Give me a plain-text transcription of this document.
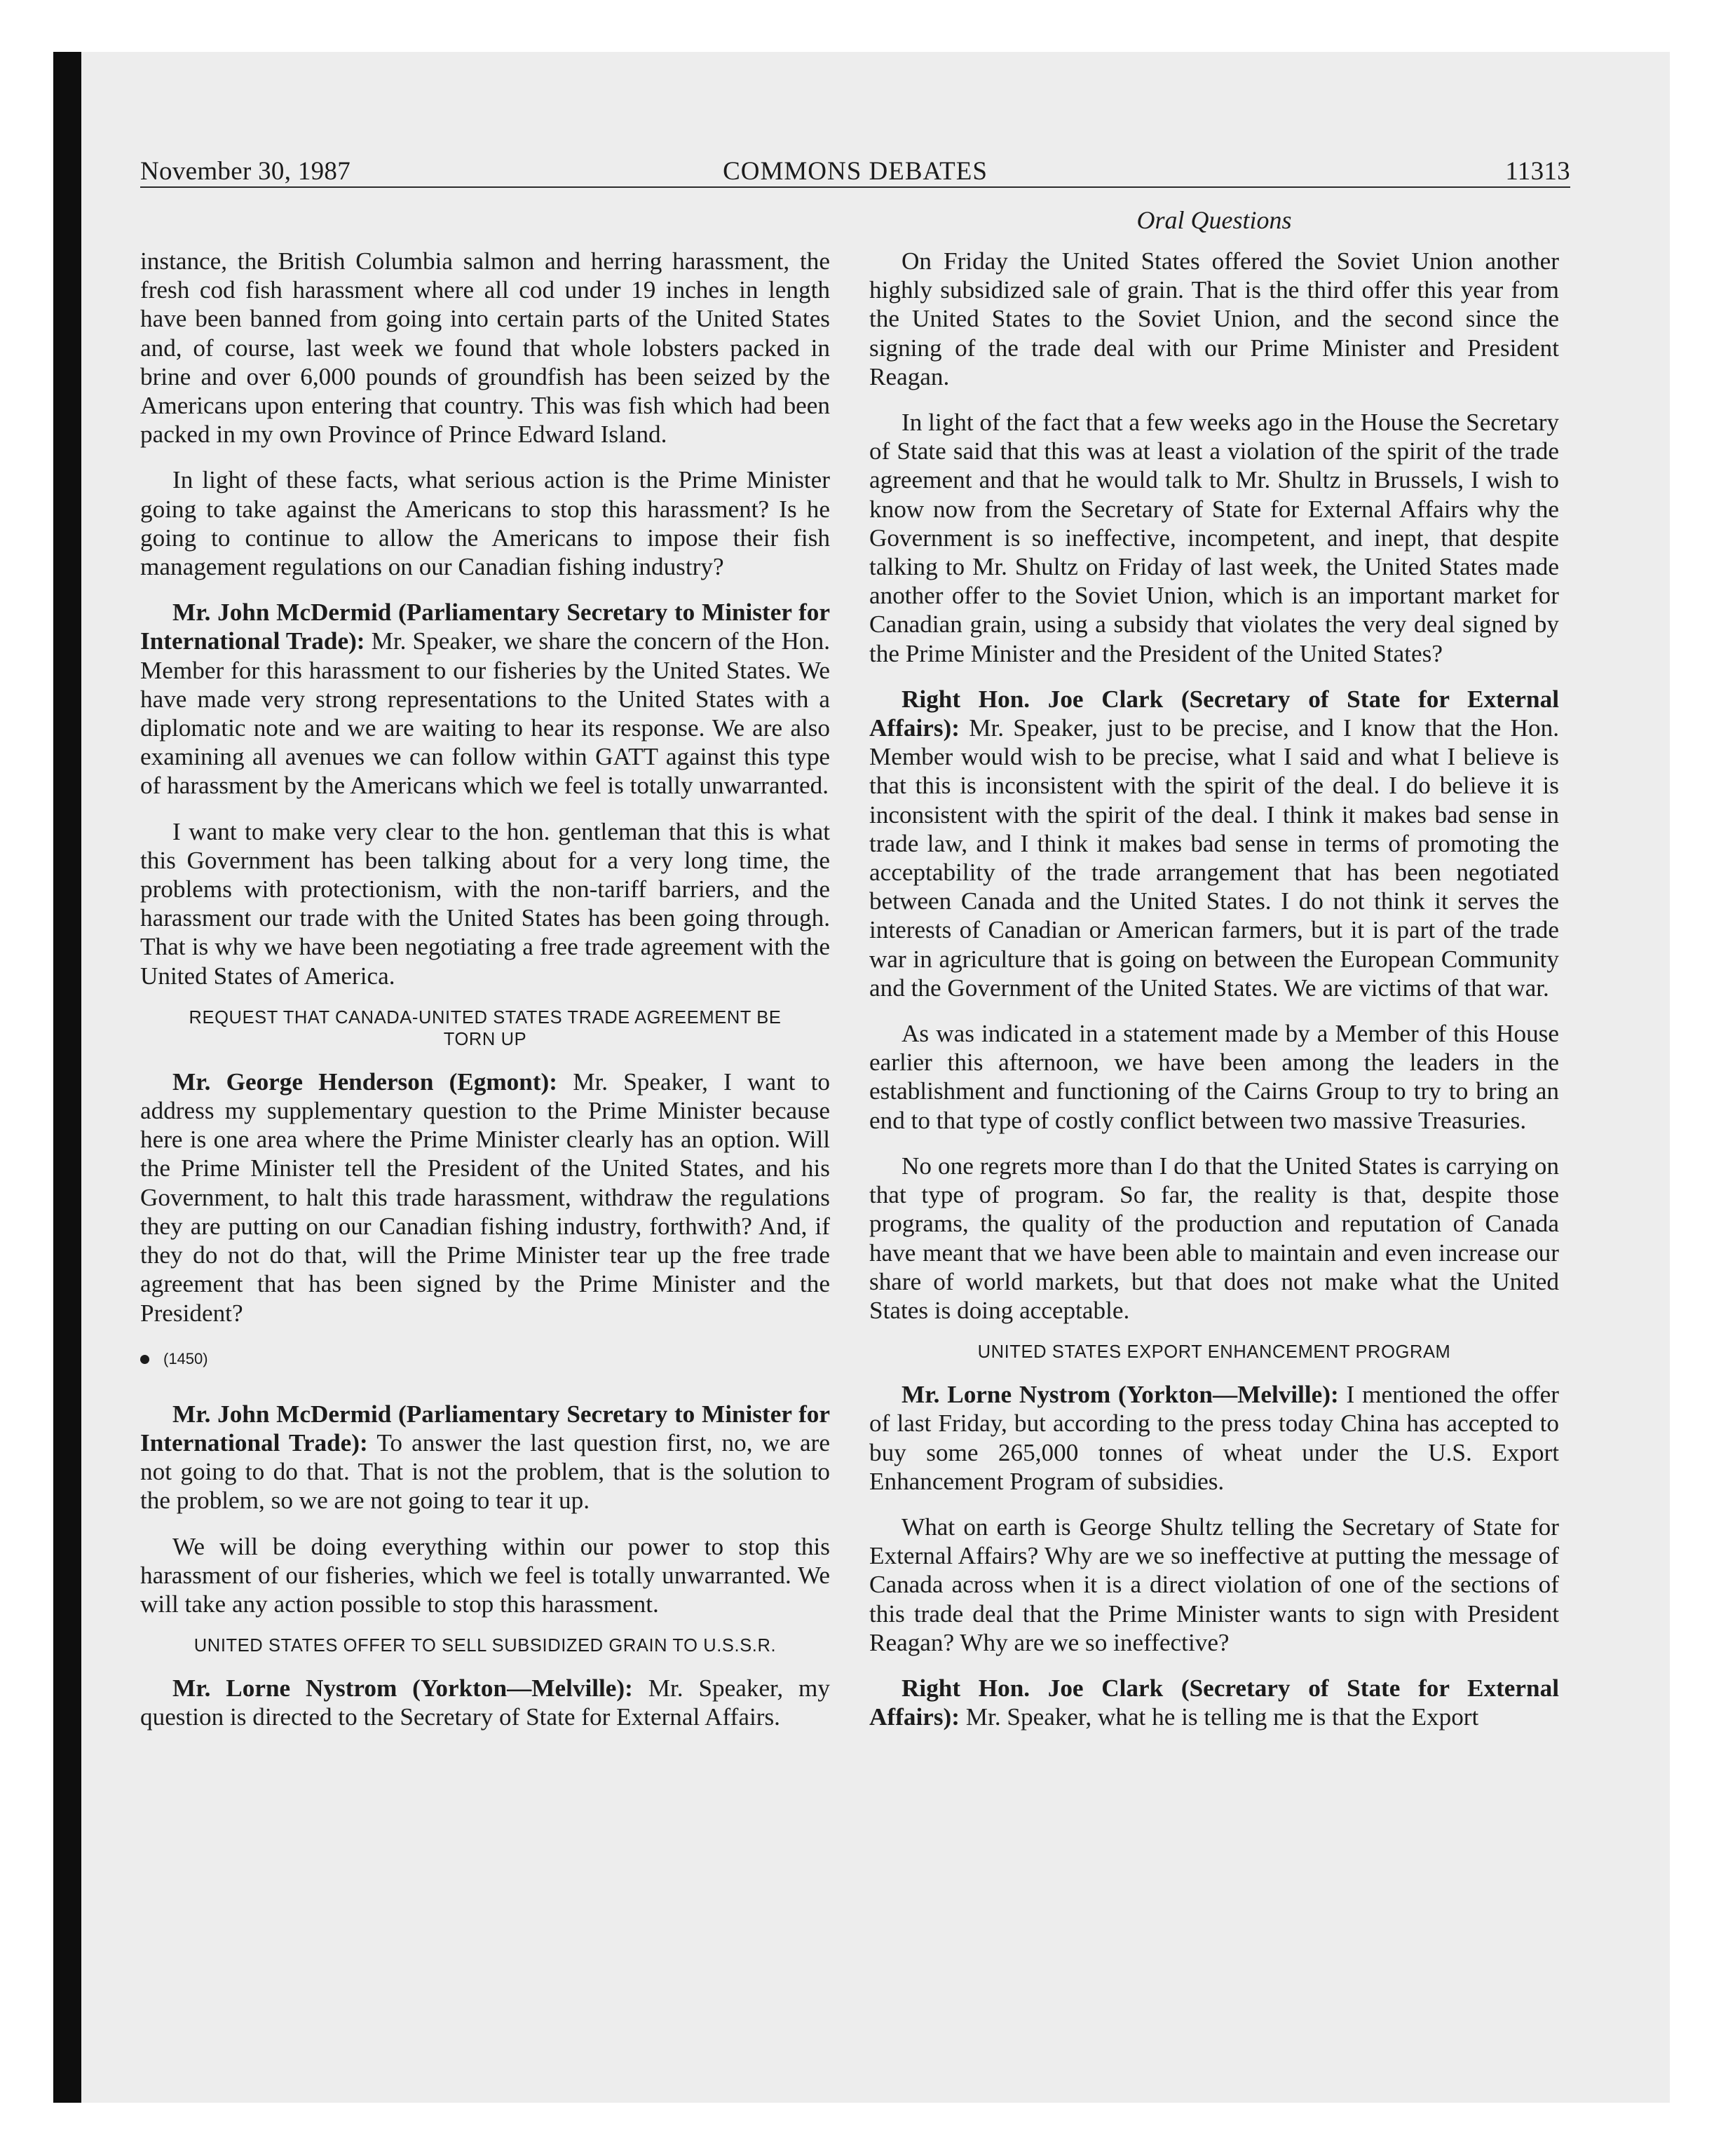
November 30, 1987	COMMONS DEBATES	11313
Oral Questions

instance, the British Columbia salmon and herring harassment, the fresh cod fish harassment where all cod under 19 inches in length have been banned from going into certain parts of the United States and, of course, last week we found that whole lobsters packed in brine and over 6,000 pounds of groundfish has been seized by the Americans upon entering that country. This was fish which had been packed in my own Province of Prince Edward Island.

In light of these facts, what serious action is the Prime Minister going to take against the Americans to stop this harassment? Is he going to continue to allow the Americans to impose their fish management regulations on our Canadian fishing industry?

Mr. John McDermid (Parliamentary Secretary to Minister for International Trade): Mr. Speaker, we share the concern of the Hon. Member for this harassment to our fisheries by the United States. We have made very strong representations to the United States with a diplomatic note and we are waiting to hear its response. We are also examining all avenues we can follow within GATT against this type of harassment by the Americans which we feel is totally unwarranted.

I want to make very clear to the hon. gentleman that this is what this Government has been talking about for a very long time, the problems with protectionism, with the non-tariff barriers, and the harassment our trade with the United States has been going through. That is why we have been negotiating a free trade agreement with the United States of America.

REQUEST THAT CANADA-UNITED STATES TRADE AGREEMENT BE TORN UP

Mr. George Henderson (Egmont): Mr. Speaker, I want to address my supplementary question to the Prime Minister because here is one area where the Prime Minister clearly has an option. Will the Prime Minister tell the President of the United States, and his Government, to halt this trade harassment, withdraw the regulations they are putting on our Canadian fishing industry, forthwith? And, if they do not do that, will the Prime Minister tear up the free trade agreement that has been signed by the Prime Minister and the President?

(1450)

Mr. John McDermid (Parliamentary Secretary to Minister for International Trade): To answer the last question first, no, we are not going to do that. That is not the problem, that is the solution to the problem, so we are not going to tear it up.

We will be doing everything within our power to stop this harassment of our fisheries, which we feel is totally unwarranted. We will take any action possible to stop this harassment.

UNITED STATES OFFER TO SELL SUBSIDIZED GRAIN TO U.S.S.R.

Mr. Lorne Nystrom (Yorkton—Melville): Mr. Speaker, my question is directed to the Secretary of State for External Affairs.

On Friday the United States offered the Soviet Union another highly subsidized sale of grain. That is the third offer this year from the United States to the Soviet Union, and the second since the signing of the trade deal with our Prime Minister and President Reagan.

In light of the fact that a few weeks ago in the House the Secretary of State said that this was at least a violation of the spirit of the trade agreement and that he would talk to Mr. Shultz in Brussels, I wish to know now from the Secretary of State for External Affairs why the Government is so ineffective, incompetent, and inept, that despite talking to Mr. Shultz on Friday of last week, the United States made another offer to the Soviet Union, which is an important market for Canadian grain, using a subsidy that violates the very deal signed by the Prime Minister and the President of the United States?

Right Hon. Joe Clark (Secretary of State for External Affairs): Mr. Speaker, just to be precise, and I know that the Hon. Member would wish to be precise, what I said and what I believe is that this is inconsistent with the spirit of the deal. I do believe it is inconsistent with the spirit of the deal. I think it makes bad sense in trade law, and I think it makes bad sense in terms of promoting the acceptability of the trade arrangement that has been negotiated between Canada and the United States. I do not think it serves the interests of Canadian or American farmers, but it is part of the trade war in agriculture that is going on between the European Community and the Government of the United States. We are victims of that war.

As was indicated in a statement made by a Member of this House earlier this afternoon, we have been among the leaders in the establishment and functioning of the Cairns Group to try to bring an end to that type of costly conflict between two massive Treasuries.

No one regrets more than I do that the United States is carrying on that type of program. So far, the reality is that, despite those programs, the quality of the production and reputation of Canada have meant that we have been able to maintain and even increase our share of world markets, but that does not make what the United States is doing acceptable.

UNITED STATES EXPORT ENHANCEMENT PROGRAM

Mr. Lorne Nystrom (Yorkton—Melville): I mentioned the offer of last Friday, but according to the press today China has accepted to buy some 265,000 tonnes of wheat under the U.S. Export Enhancement Program of subsidies.

What on earth is George Shultz telling the Secretary of State for External Affairs? Why are we so ineffective at putting the message of Canada across when it is a direct violation of one of the sections of this trade deal that the Prime Minister wants to sign with President Reagan? Why are we so ineffective?

Right Hon. Joe Clark (Secretary of State for External Affairs): Mr. Speaker, what he is telling me is that the Export
